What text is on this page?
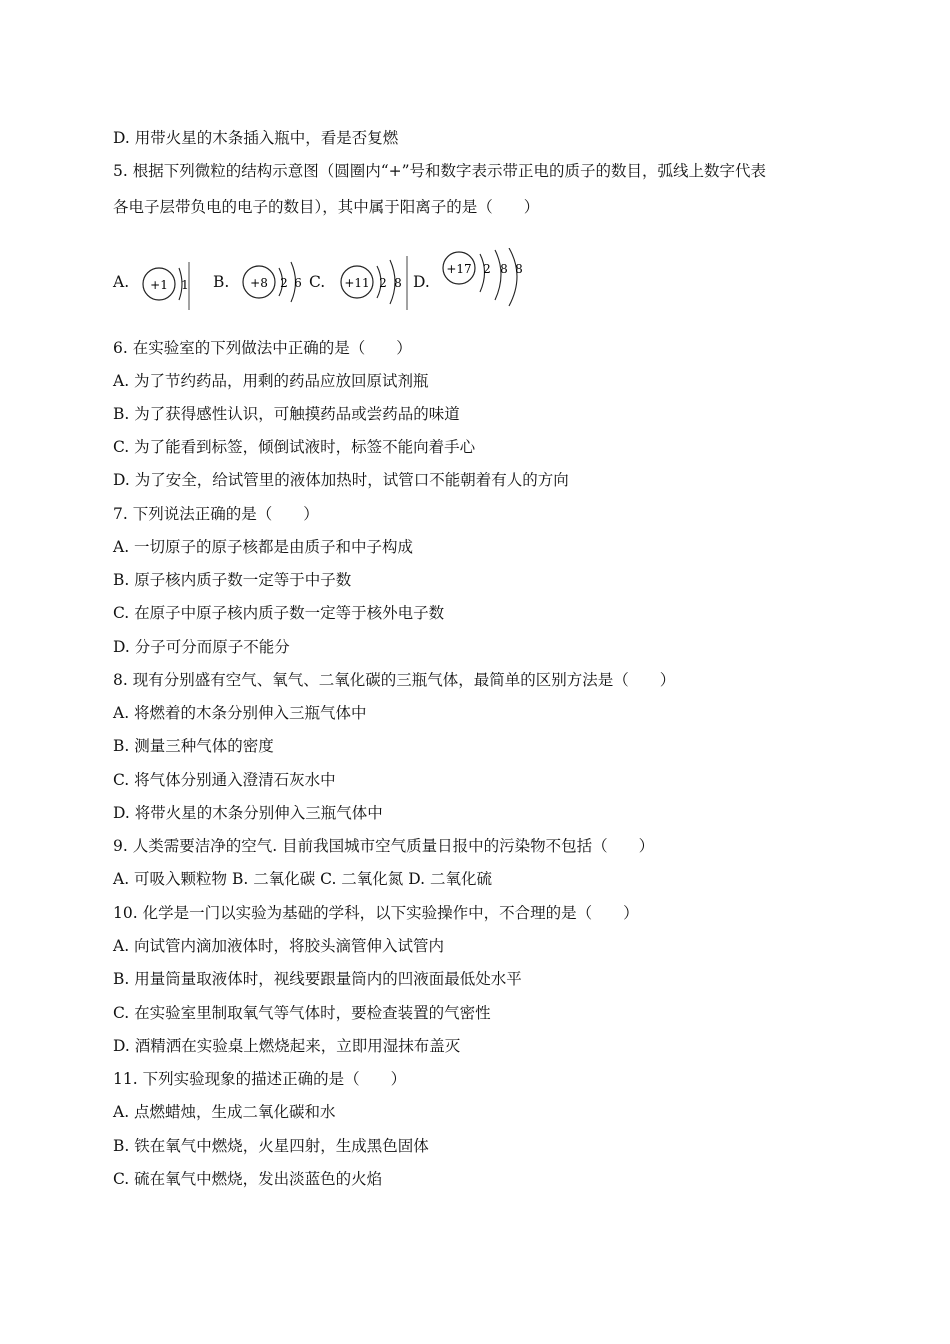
D. 用带火星的木条插入瓶中，看是否复燃
5. 根据下列微粒的结构示意图（圆圈内“+”号和数字表示带正电的质子的数目，弧线上数字代表
各电子层带负电的电子的数目），其中属于阳离子的是（　　）
A. +1 1 B. +8 2 6 C. +11 2 8 D.
+17 2 8 8
6. 在实验室的下列做法中正确的是（　　）
A. 为了节约药品，用剩的药品应放回原试剂瓶
B. 为了获得感性认识，可触摸药品或尝药品的味道
C. 为了能看到标签，倾倒试液时，标签不能向着手心
D. 为了安全，给试管里的液体加热时，试管口不能朝着有人的方向
7. 下列说法正确的是（　　）
A. 一切原子的原子核都是由质子和中子构成
B. 原子核内质子数一定等于中子数
C. 在原子中原子核内质子数一定等于核外电子数
D. 分子可分而原子不能分
8. 现有分别盛有空气、氧气、二氧化碳的三瓶气体，最简单的区别方法是（　　）
A. 将燃着的木条分别伸入三瓶气体中
B. 测量三种气体的密度
C. 将气体分别通入澄清石灰水中
D. 将带火星的木条分别伸入三瓶气体中
9. 人类需要洁净的空气. 目前我国城市空气质量日报中的污染物不包括（　　）
A. 可吸入颗粒物 B. 二氧化碳 C. 二氧化氮 D. 二氧化硫
10. 化学是一门以实验为基础的学科，以下实验操作中，不合理的是（　　）
A. 向试管内滴加液体时，将胶头滴管伸入试管内
B. 用量筒量取液体时，视线要跟量筒内的凹液面最低处水平
C. 在实验室里制取氧气等气体时，要检查装置的气密性
D. 酒精洒在实验桌上燃烧起来，立即用湿抹布盖灭
11. 下列实验现象的描述正确的是（　　）
A. 点燃蜡烛，生成二氧化碳和水
B. 铁在氧气中燃烧，火星四射，生成黑色固体
C. 硫在氧气中燃烧，发出淡蓝色的火焰
